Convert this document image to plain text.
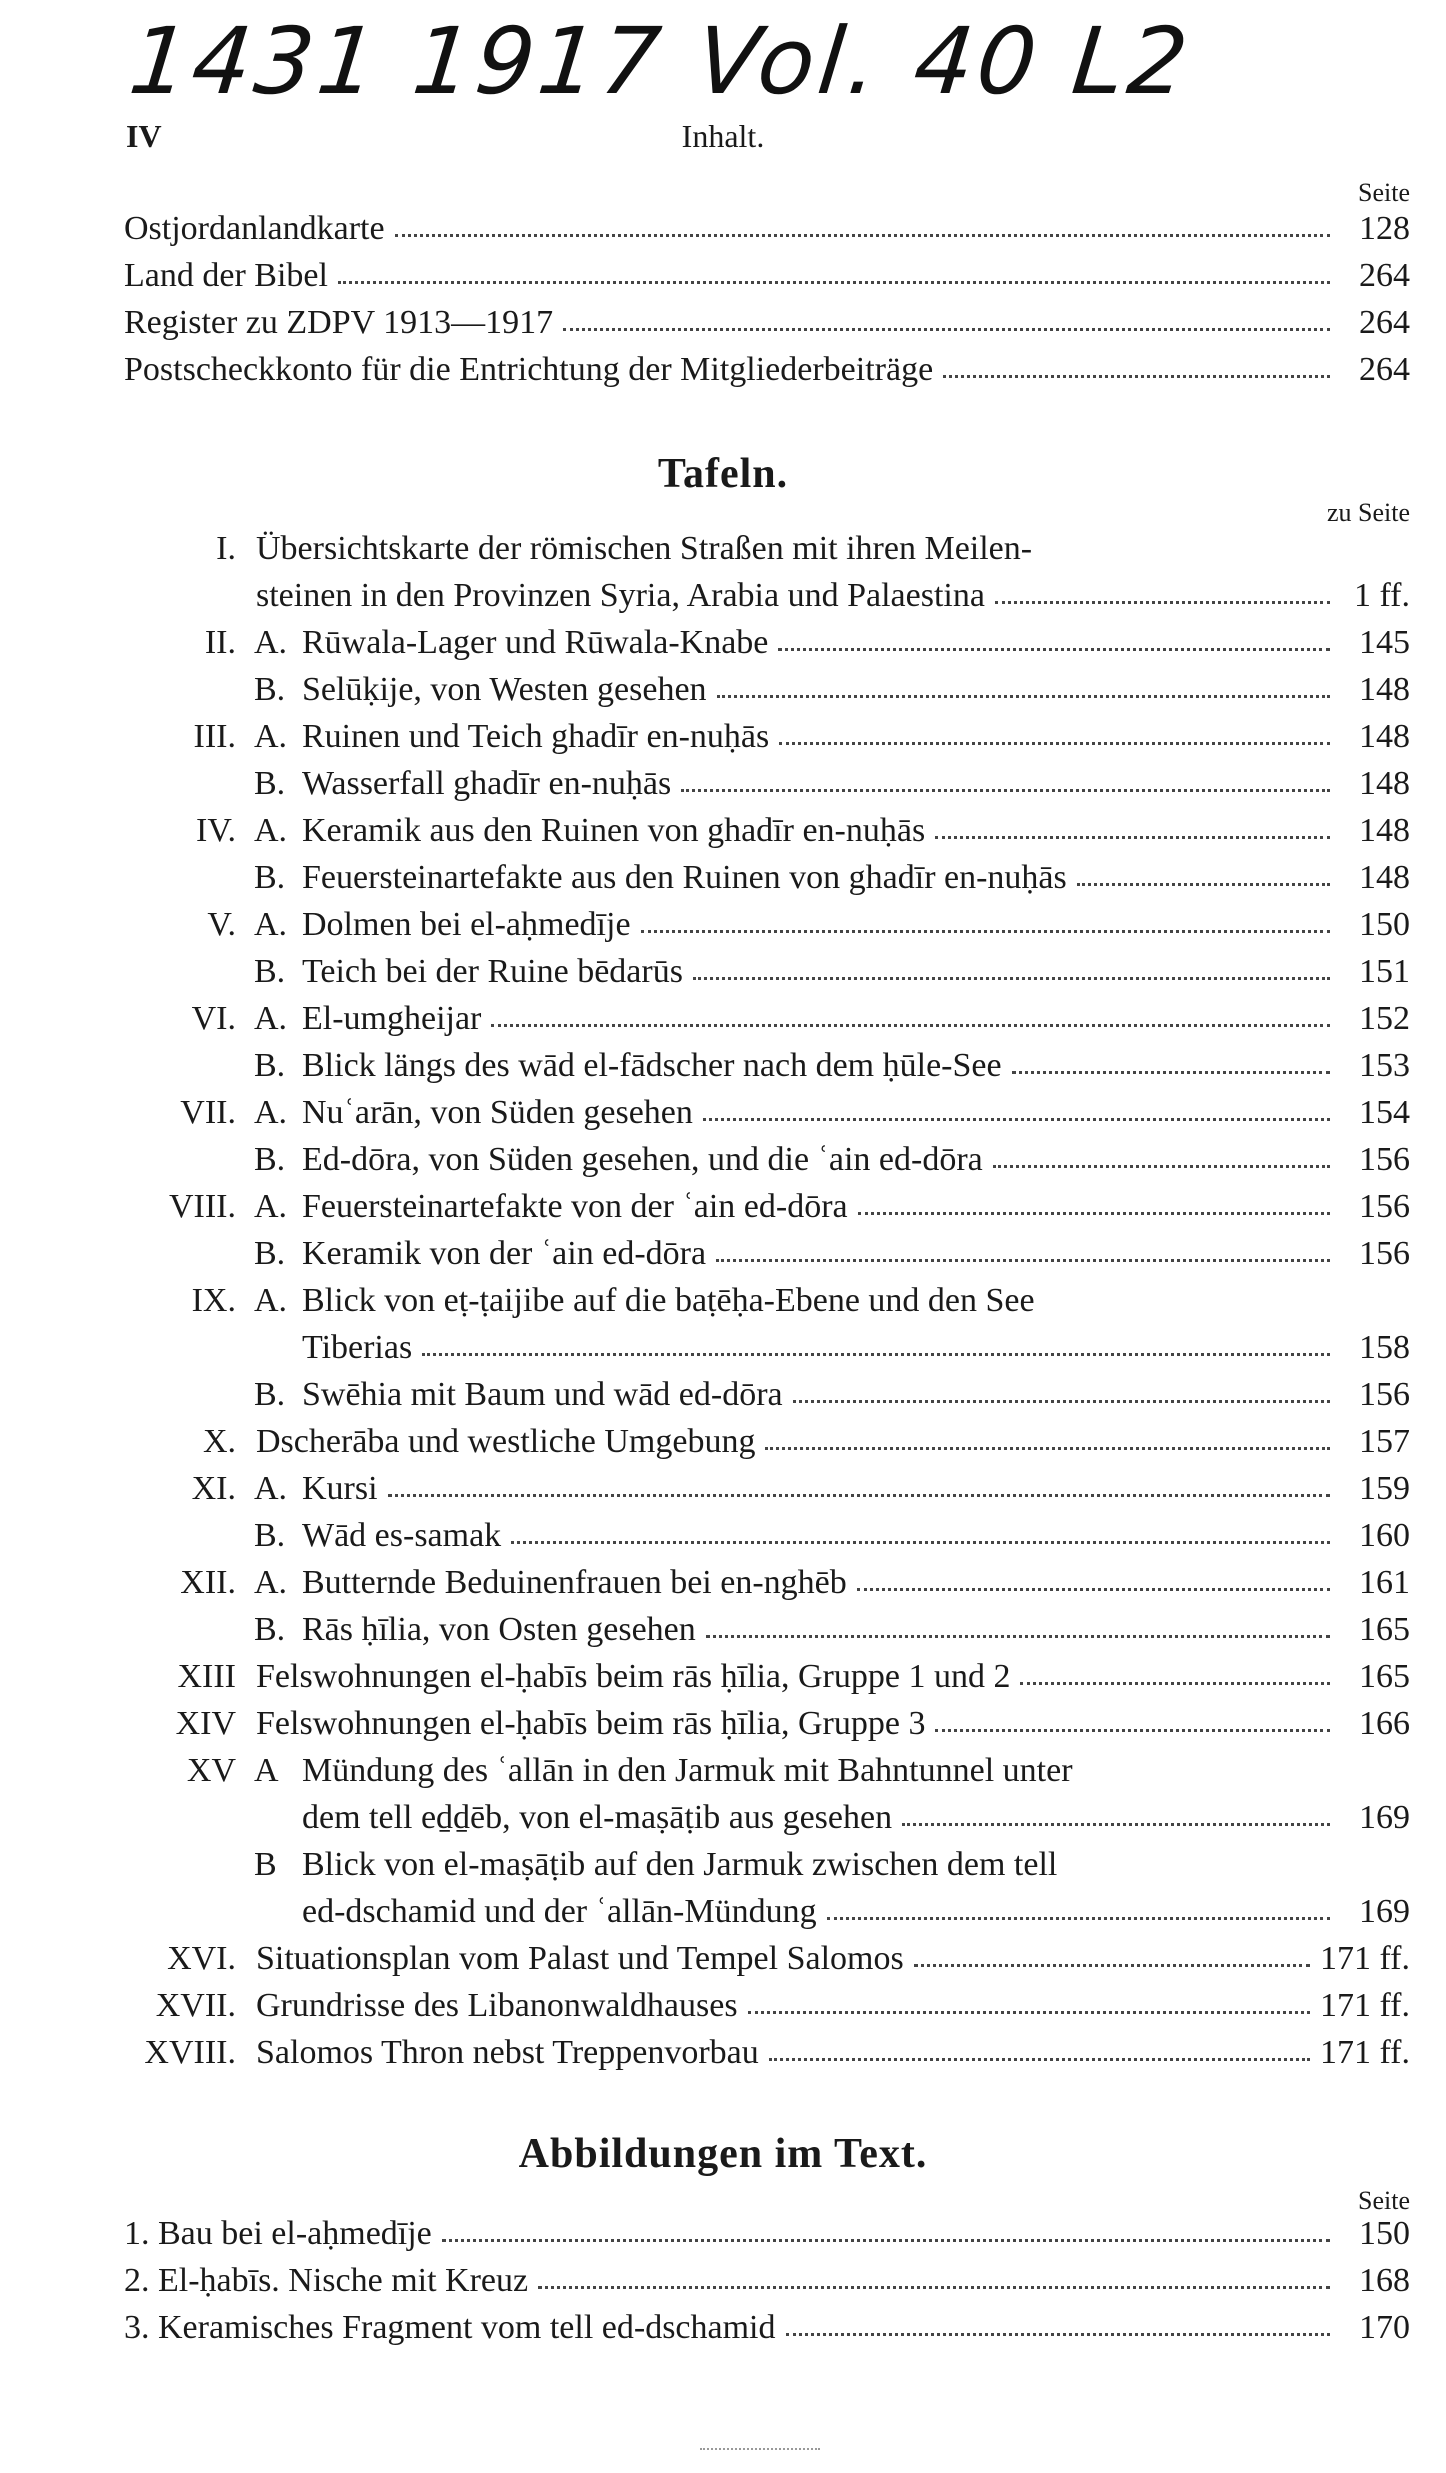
1431 1917 Vol. 40 L2
IV	Inhalt.
Seite
Ostjordanlandkarte	128
Land der Bibel	264
Register zu ZDPV 1913—1917	264
Postscheckkonto für die Entrichtung der Mitgliederbeiträge	264
Tafeln.
zu Seite
I. Übersichtskarte der römischen Straßen mit ihren Meilen-
steinen in den Provinzen Syria, Arabia und Palaestina	1 ff.
II. A. Rūwala-Lager und Rūwala-Knabe	145
B. Selūḳije, von Westen gesehen	148
III. A. Ruinen und Teich ghadīr en-nuḥās	148
B. Wasserfall ghadīr en-nuḥās	148
IV. A. Keramik aus den Ruinen von ghadīr en-nuḥās	148
B. Feuersteinartefakte aus den Ruinen von ghadīr en-nuḥās	148
V. A. Dolmen bei el-aḥmedīje	150
B. Teich bei der Ruine bēdarūs	151
VI. A. El-umgheijar	152
B. Blick längs des wād el-fādscher nach dem ḥūle-See	153
VII. A. Nuʿarān, von Süden gesehen	154
B. Ed-dōra, von Süden gesehen, und die ʿain ed-dōra	156
VIII. A. Feuersteinartefakte von der ʿain ed-dōra	156
B. Keramik von der ʿain ed-dōra	156
IX. A. Blick von eṭ-ṭaijibe auf die baṭēḥa-Ebene und den See
Tiberias	158
B. Swēhia mit Baum und wād ed-dōra	156
X. Dscherāba und westliche Umgebung	157
XI. A. Kursi	159
B. Wād es-samak	160
XII. A. Butternde Beduinenfrauen bei en-nghēb	161
B. Rās ḥīlia, von Osten gesehen	165
XIII Felswohnungen el-ḥabīs beim rās ḥīlia, Gruppe 1 und 2	165
XIV Felswohnungen el-ḥabīs beim rās ḥīlia, Gruppe 3	166
XV A Mündung des ʿallān in den Jarmuk mit Bahntunnel unter
dem tell eḏḏēb, von el-maṣāṭib aus gesehen	169
B Blick von el-maṣāṭib auf den Jarmuk zwischen dem tell
ed-dschamid und der ʿallān-Mündung	169
XVI. Situationsplan vom Palast und Tempel Salomos	171 ff.
XVII. Grundrisse des Libanonwaldhauses	171 ff.
XVIII. Salomos Thron nebst Treppenvorbau	171 ff.
Abbildungen im Text.
Seite
1. Bau bei el-aḥmedīje	150
2. El-ḥabīs. Nische mit Kreuz	168
3. Keramisches Fragment vom tell ed-dschamid	170
